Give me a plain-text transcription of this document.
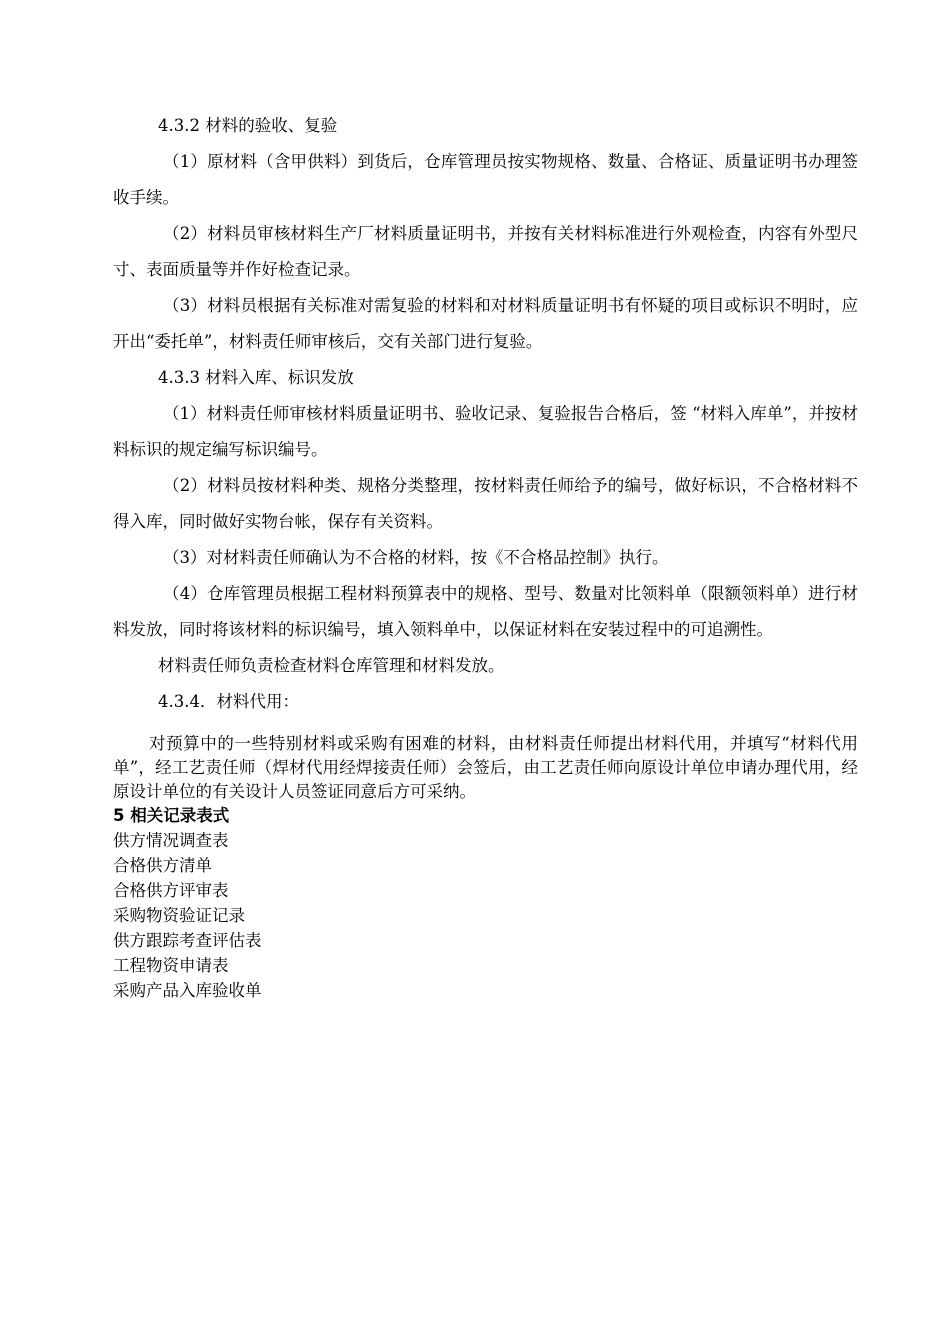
4.3.2 材料的验收、复验

（1）原材料（含甲供料）到货后，仓库管理员按实物规格、数量、合格证、质量证明书办理签收手续。

（2）材料员审核材料生产厂材料质量证明书，并按有关材料标准进行外观检查，内容有外型尺寸、表面质量等并作好检查记录。

（3）材料员根据有关标准对需复验的材料和对材料质量证明书有怀疑的项目或标识不明时，应开出“委托单”，材料责任师审核后，交有关部门进行复验。

4.3.3 材料入库、标识发放

（1）材料责任师审核材料质量证明书、验收记录、复验报告合格后，签 “材料入库单”，并按材料标识的规定编写标识编号。

（2）材料员按材料种类、规格分类整理，按材料责任师给予的编号，做好标识，不合格材料不得入库，同时做好实物台帐，保存有关资料。

（3）对材料责任师确认为不合格的材料，按《不合格品控制》执行。

（4）仓库管理员根据工程材料预算表中的规格、型号、数量对比领料单（限额领料单）进行材料发放，同时将该材料的标识编号，填入领料单中，以保证材料在安装过程中的可追溯性。

材料责任师负责检查材料仓库管理和材料发放。

4.3.4．材料代用：

对预算中的一些特别材料或采购有困难的材料，由材料责任师提出材料代用，并填写“材料代用单”，经工艺责任师（焊材代用经焊接责任师）会签后，由工艺责任师向原设计单位申请办理代用，经原设计单位的有关设计人员签证同意后方可采纳。

5 相关记录表式

供方情况调查表

合格供方清单

合格供方评审表

采购物资验证记录

供方跟踪考查评估表

工程物资申请表

采购产品入库验收单
